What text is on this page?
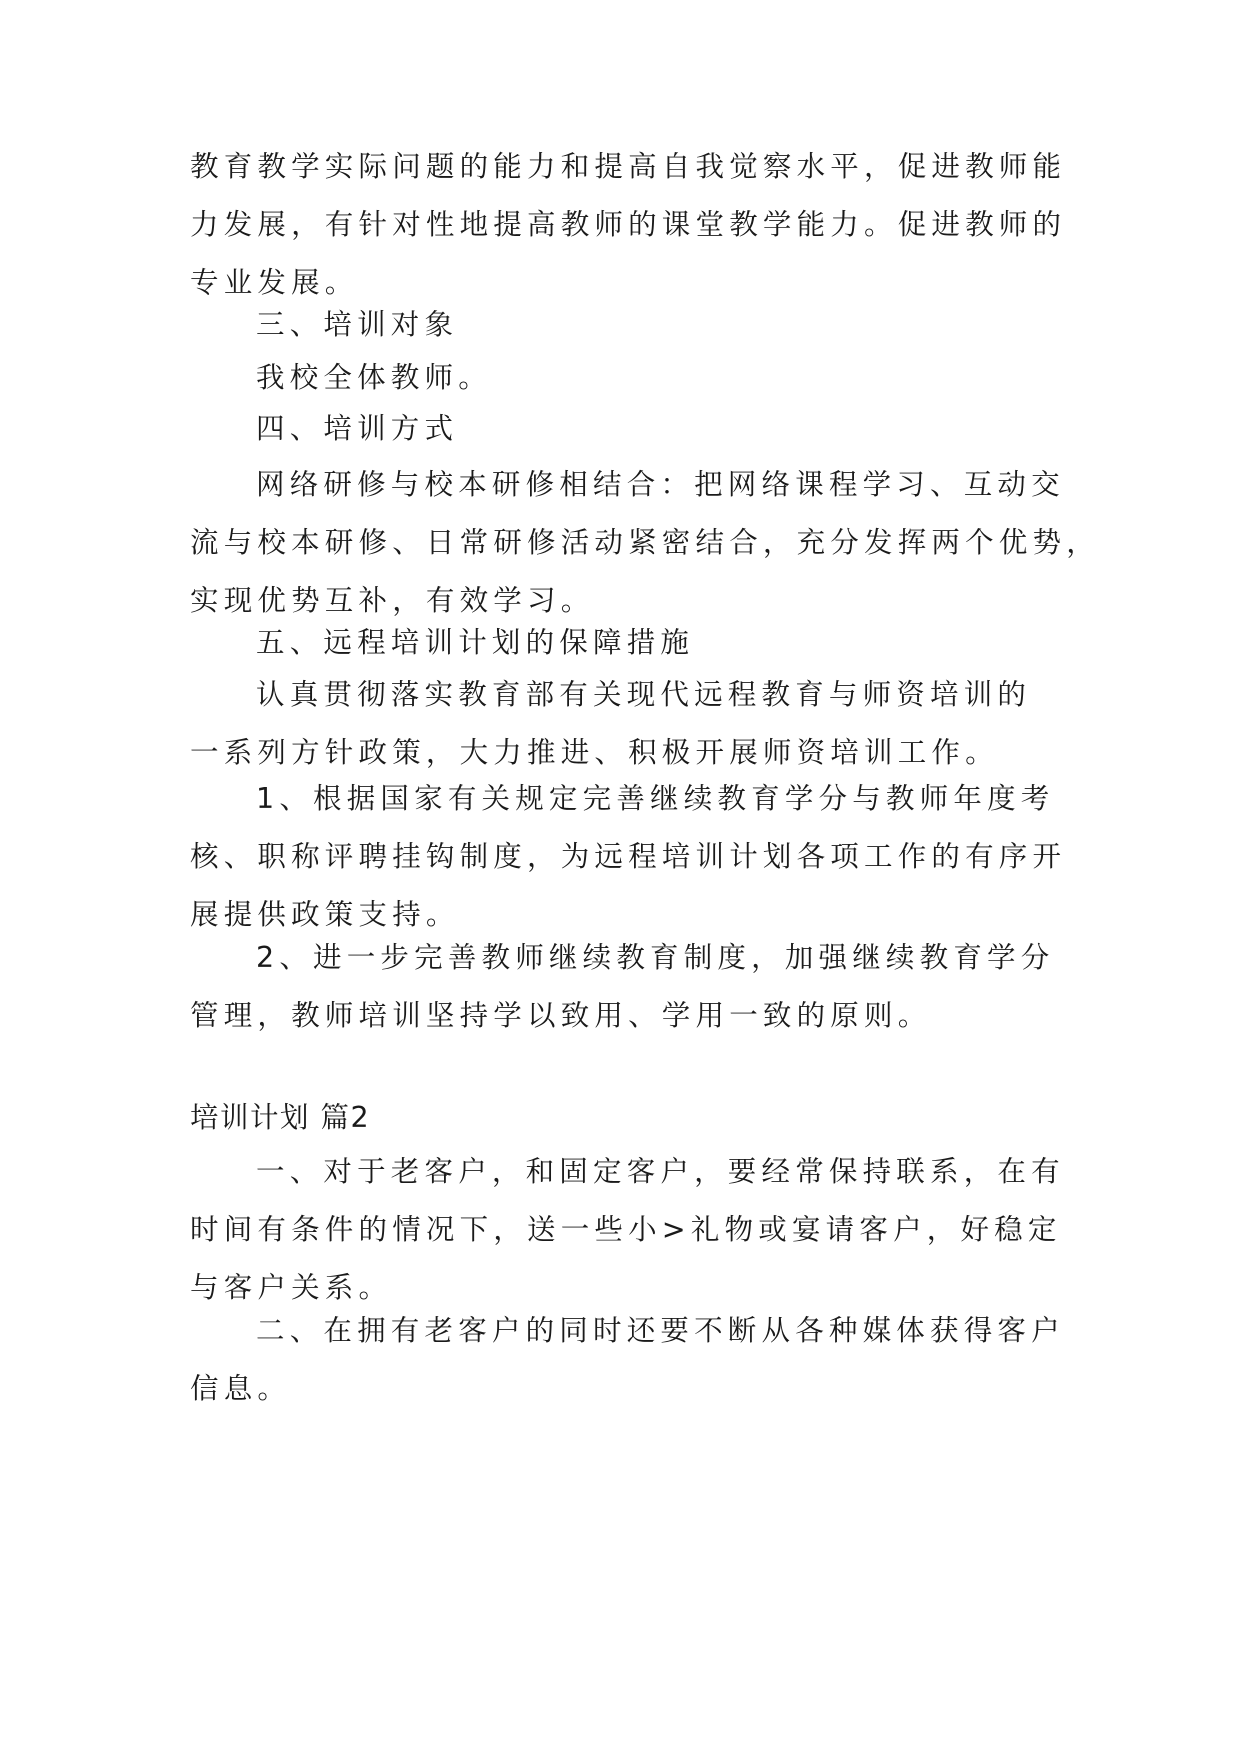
教育教学实际问题的能力和提高自我觉察水平，促进教师能
力发展，有针对性地提高教师的课堂教学能力。促进教师的
专业发展。

三、培训对象

我校全体教师。

四、培训方式

网络研修与校本研修相结合：把网络课程学习、互动交
流与校本研修、日常研修活动紧密结合，充分发挥两个优势，
实现优势互补，有效学习。

五、远程培训计划的保障措施

认真贯彻落实教育部有关现代远程教育与师资培训的
一系列方针政策，大力推进、积极开展师资培训工作。

1、根据国家有关规定完善继续教育学分与教师年度考
核、职称评聘挂钩制度，为远程培训计划各项工作的有序开
展提供政策支持。

2、进一步完善教师继续教育制度，加强继续教育学分
管理，教师培训坚持学以致用、学用一致的原则。

培训计划 篇2

一、对于老客户，和固定客户，要经常保持联系，在有
时间有条件的情况下，送一些小>礼物或宴请客户，好稳定
与客户关系。

二、在拥有老客户的同时还要不断从各种媒体获得客户
信息。
